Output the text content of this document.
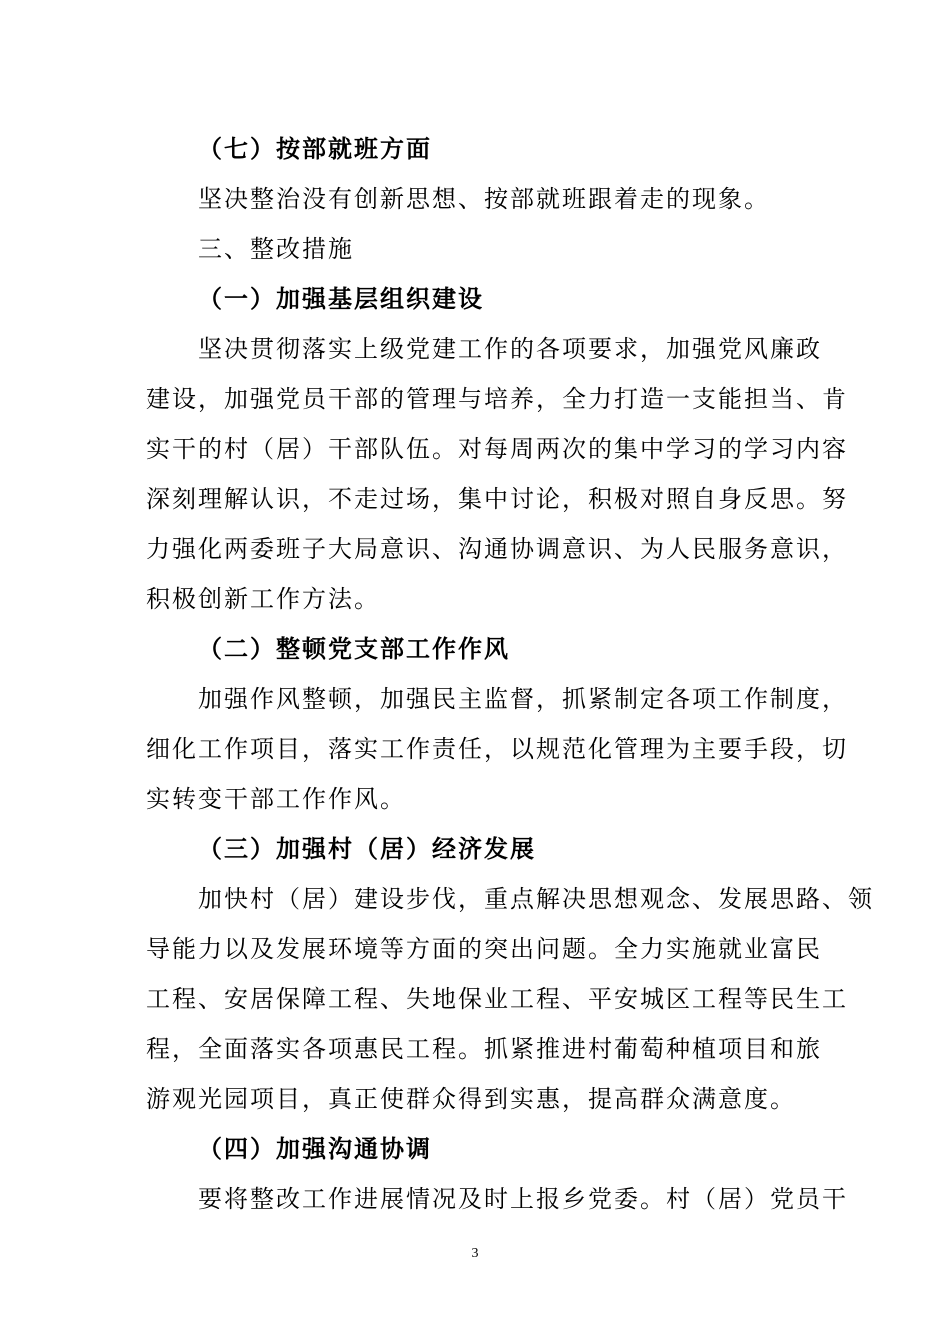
（七）按部就班方面
坚决整治没有创新思想、按部就班跟着走的现象。
三、整改措施
（一）加强基层组织建设
坚决贯彻落实上级党建工作的各项要求，加强党风廉政
建设，加强党员干部的管理与培养，全力打造一支能担当、肯
实干的村（居）干部队伍。对每周两次的集中学习的学习内容
深刻理解认识，不走过场，集中讨论，积极对照自身反思。努
力强化两委班子大局意识、沟通协调意识、为人民服务意识，
积极创新工作方法。
（二）整顿党支部工作作风
加强作风整顿，加强民主监督，抓紧制定各项工作制度，
细化工作项目，落实工作责任，以规范化管理为主要手段，切
实转变干部工作作风。
（三）加强村（居）经济发展
加快村（居）建设步伐，重点解决思想观念、发展思路、领
导能力以及发展环境等方面的突出问题。全力实施就业富民
工程、安居保障工程、失地保业工程、平安城区工程等民生工
程，全面落实各项惠民工程。抓紧推进村葡萄种植项目和旅
游观光园项目，真正使群众得到实惠，提高群众满意度。
（四）加强沟通协调
要将整改工作进展情况及时上报乡党委。村（居）党员干
3
